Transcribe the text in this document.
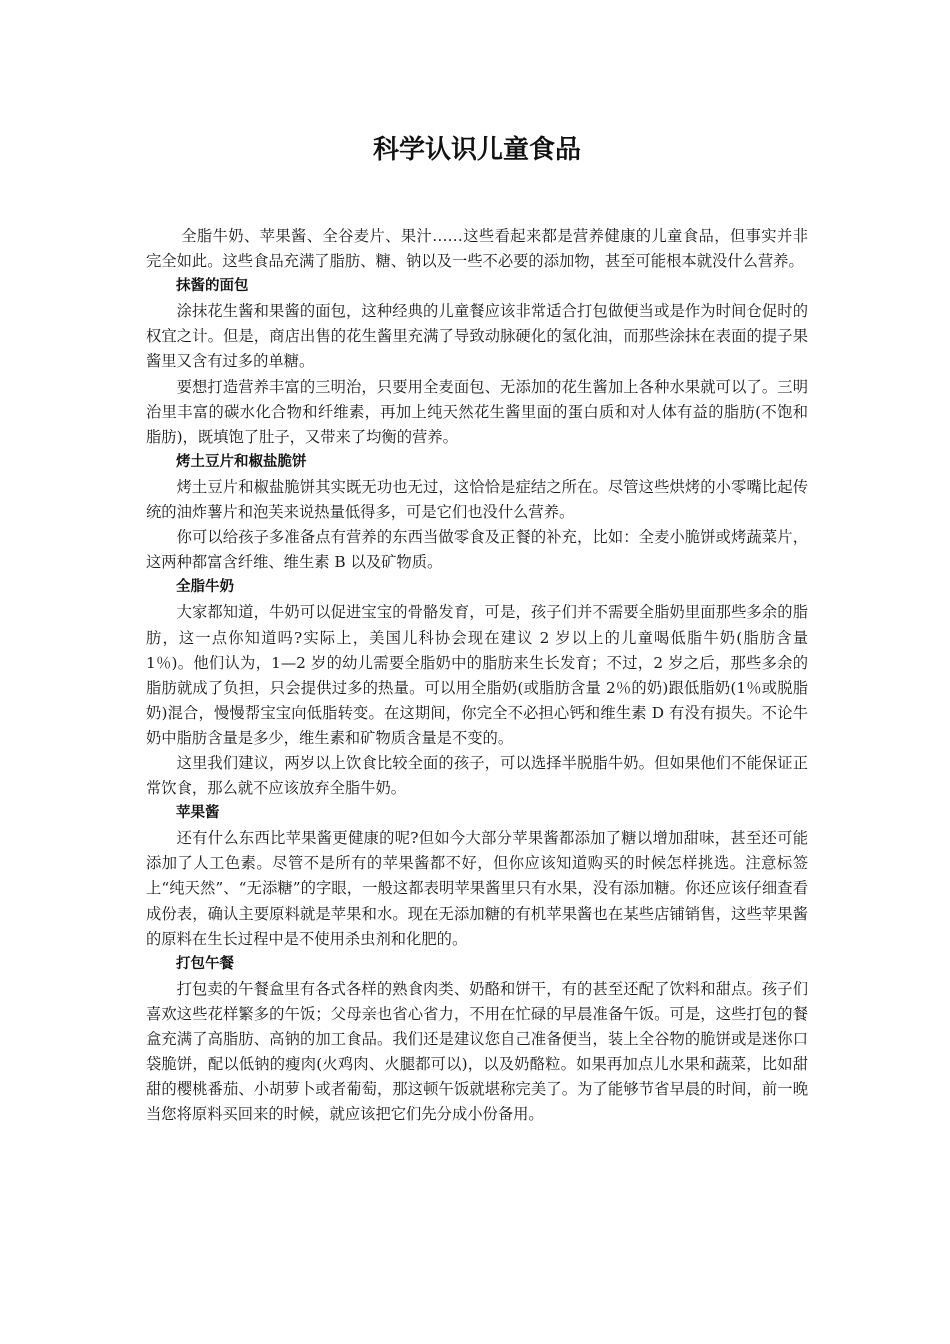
科学认识儿童食品

全脂牛奶、苹果酱、全谷麦片、果汁……这些看起来都是营养健康的儿童食品，但事实并非完全如此。这些食品充满了脂肪、糖、钠以及一些不必要的添加物，甚至可能根本就没什么营养。

抹酱的面包

涂抹花生酱和果酱的面包，这种经典的儿童餐应该非常适合打包做便当或是作为时间仓促时的权宜之计。但是，商店出售的花生酱里充满了导致动脉硬化的氢化油，而那些涂抹在表面的提子果酱里又含有过多的单糖。

要想打造营养丰富的三明治，只要用全麦面包、无添加的花生酱加上各种水果就可以了。三明治里丰富的碳水化合物和纤维素，再加上纯天然花生酱里面的蛋白质和对人体有益的脂肪(不饱和脂肪)，既填饱了肚子，又带来了均衡的营养。

烤土豆片和椒盐脆饼

烤土豆片和椒盐脆饼其实既无功也无过，这恰恰是症结之所在。尽管这些烘烤的小零嘴比起传统的油炸薯片和泡芙来说热量低得多，可是它们也没什么营养。

你可以给孩子多准备点有营养的东西当做零食及正餐的补充，比如：全麦小脆饼或烤蔬菜片，这两种都富含纤维、维生素 B 以及矿物质。

全脂牛奶

大家都知道，牛奶可以促进宝宝的骨骼发育，可是，孩子们并不需要全脂奶里面那些多余的脂肪，这一点你知道吗?实际上，美国儿科协会现在建议 2 岁以上的儿童喝低脂牛奶(脂肪含量 1％)。他们认为，1—2 岁的幼儿需要全脂奶中的脂肪来生长发育；不过，2 岁之后，那些多余的脂肪就成了负担，只会提供过多的热量。可以用全脂奶(或脂肪含量 2％的奶)跟低脂奶(1％或脱脂奶)混合，慢慢帮宝宝向低脂转变。在这期间，你完全不必担心钙和维生素 D 有没有损失。不论牛奶中脂肪含量是多少，维生素和矿物质含量是不变的。

这里我们建议，两岁以上饮食比较全面的孩子，可以选择半脱脂牛奶。但如果他们不能保证正常饮食，那么就不应该放弃全脂牛奶。

苹果酱

还有什么东西比苹果酱更健康的呢?但如今大部分苹果酱都添加了糖以增加甜味，甚至还可能添加了人工色素。尽管不是所有的苹果酱都不好，但你应该知道购买的时候怎样挑选。注意标签上“纯天然”、“无添糖”的字眼，一般这都表明苹果酱里只有水果，没有添加糖。你还应该仔细查看成份表，确认主要原料就是苹果和水。现在无添加糖的有机苹果酱也在某些店铺销售，这些苹果酱的原料在生长过程中是不使用杀虫剂和化肥的。

打包午餐

打包卖的午餐盒里有各式各样的熟食肉类、奶酪和饼干，有的甚至还配了饮料和甜点。孩子们喜欢这些花样繁多的午饭；父母亲也省心省力，不用在忙碌的早晨准备午饭。可是，这些打包的餐盒充满了高脂肪、高钠的加工食品。我们还是建议您自己准备便当，装上全谷物的脆饼或是迷你口袋脆饼，配以低钠的瘦肉(火鸡肉、火腿都可以)，以及奶酪粒。如果再加点儿水果和蔬菜，比如甜甜的樱桃番茄、小胡萝卜或者葡萄，那这顿午饭就堪称完美了。为了能够节省早晨的时间，前一晚当您将原料买回来的时候，就应该把它们先分成小份备用。
